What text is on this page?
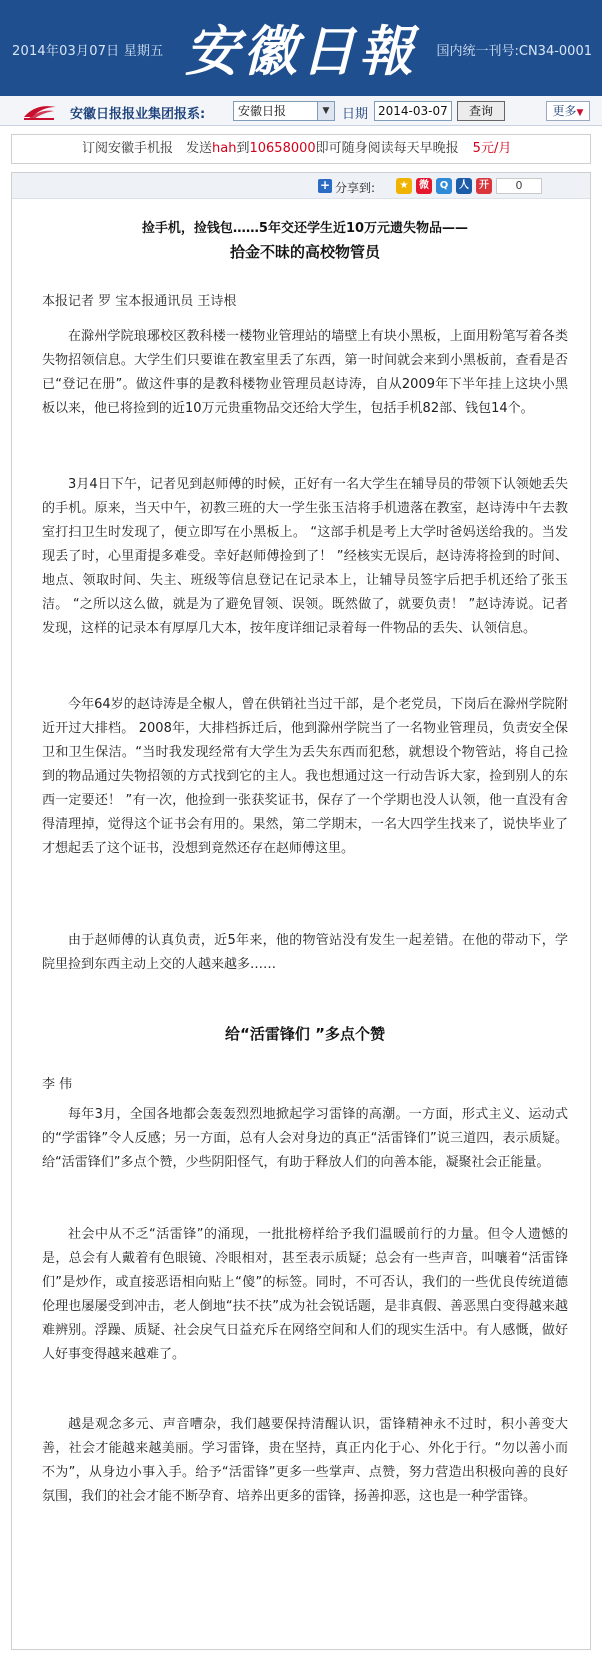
2014年03月07日 星期五 安徽日報	国内统一刊号:CN34-0001
安徽日报报业集团报系:	安徽日报	▼ 日期 2014-03-07	查询	更多▼
订阅安徽手机报　发送hah到10658000即可随身阅读每天早晚报 5元/月
+ 分享到:	★	微	Q	人	开	0
捡手机，捡钱包……5年交还学生近10万元遗失物品——
拾金不昧的高校物管员
本报记者 罗 宝本报通讯员 王诗根

在滁州学院琅琊校区教科楼一楼物业管理站的墙壁上有块小黑板，上面用粉笔写着各类失物招领信息。大学生们只要谁在教室里丢了东西，第一时间就会来到小黑板前，查看是否已“登记在册”。做这件事的是教科楼物业管理员赵诗涛，自从2009年下半年挂上这块小黑板以来，他已将捡到的近10万元贵重物品交还给大学生，包括手机82部、钱包14个。

3月4日下午，记者见到赵师傅的时候，正好有一名大学生在辅导员的带领下认领她丢失的手机。原来，当天中午，初教三班的大一学生张玉洁将手机遗落在教室，赵诗涛中午去教室打扫卫生时发现了，便立即写在小黑板上。 “这部手机是考上大学时爸妈送给我的。当发现丢了时，心里甭提多难受。幸好赵师傅捡到了！ ”经核实无误后，赵诗涛将捡到的时间、地点、领取时间、失主、班级等信息登记在记录本上，让辅导员签字后把手机还给了张玉洁。 “之所以这么做，就是为了避免冒领、误领。既然做了，就要负责！ ”赵诗涛说。记者发现，这样的记录本有厚厚几大本，按年度详细记录着每一件物品的丢失、认领信息。

今年64岁的赵诗涛是全椒人，曾在供销社当过干部，是个老党员，下岗后在滁州学院附近开过大排档。 2008年，大排档拆迁后，他到滁州学院当了一名物业管理员，负责安全保卫和卫生保洁。“当时我发现经常有大学生为丢失东西而犯愁，就想设个物管站，将自己捡到的物品通过失物招领的方式找到它的主人。我也想通过这一行动告诉大家，捡到别人的东西一定要还！ ”有一次，他捡到一张获奖证书，保存了一个学期也没人认领，他一直没有舍得清理掉，觉得这个证书会有用的。果然，第二学期末，一名大四学生找来了，说快毕业了才想起丢了这个证书，没想到竟然还存在赵师傅这里。

由于赵师傅的认真负责，近5年来，他的物管站没有发生一起差错。在他的带动下，学院里捡到东西主动上交的人越来越多……

给“活雷锋们 ”多点个赞
李 伟

每年3月，全国各地都会轰轰烈烈地掀起学习雷锋的高潮。一方面，形式主义、运动式的“学雷锋”令人反感；另一方面，总有人会对身边的真正“活雷锋们”说三道四，表示质疑。给“活雷锋们”多点个赞，少些阴阳怪气，有助于释放人们的向善本能，凝聚社会正能量。

社会中从不乏“活雷锋”的涌现，一批批榜样给予我们温暖前行的力量。但令人遗憾的是，总会有人戴着有色眼镜、冷眼相对，甚至表示质疑；总会有一些声音，叫嚷着“活雷锋们”是炒作，或直接恶语相向贴上“傻”的标签。同时，不可否认，我们的一些优良传统道德伦理也屡屡受到冲击，老人倒地“扶不扶”成为社会锐话题，是非真假、善恶黑白变得越来越难辨别。浮躁、质疑、社会戾气日益充斥在网络空间和人们的现实生活中。有人感慨，做好人好事变得越来越难了。

越是观念多元、声音嘈杂，我们越要保持清醒认识，雷锋精神永不过时，积小善变大善，社会才能越来越美丽。学习雷锋，贵在坚持，真正内化于心、外化于行。“勿以善小而不为”，从身边小事入手。给予“活雷锋”更多一些掌声、点赞，努力营造出积极向善的良好氛围，我们的社会才能不断孕育、培养出更多的雷锋，扬善抑恶，这也是一种学雷锋。
